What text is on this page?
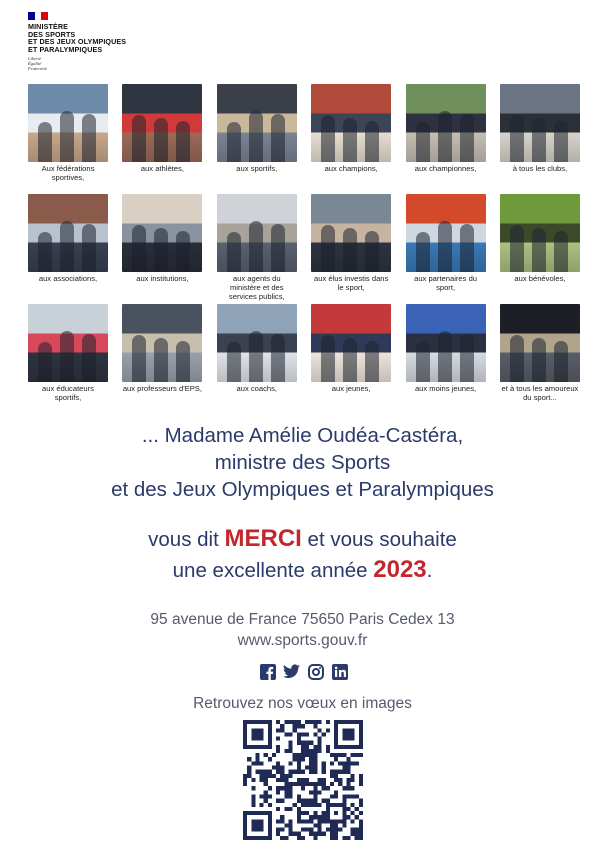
MINISTÈRE
DES SPORTS
ET DES JEUX OLYMPIQUES
ET PARALYMPIQUES
Liberté
Égalité
Fraternité
Aux fédérations sportives,
aux athlètes,	aux sportifs,	aux champions,	aux championnes,	à tous les clubs,
aux associations,	aux institutions,	aux agents du ministère et des services publics,
aux élus investis dans le sport,
aux partenaires du sport,
aux bénévoles,
aux éducateurs sportifs,
aux professeurs d'EPS,	aux coachs,	aux jeunes,	aux moins jeunes,	et à tous les amoureux du sport...
... Madame Amélie Oudéa-Castéra,
ministre des Sports
et des Jeux Olympiques et Paralympiques
vous dit MERCI et vous souhaite
une excellente année 2023.
95 avenue de France 75650 Paris Cedex 13
www.sports.gouv.fr
Retrouvez nos vœux en images
